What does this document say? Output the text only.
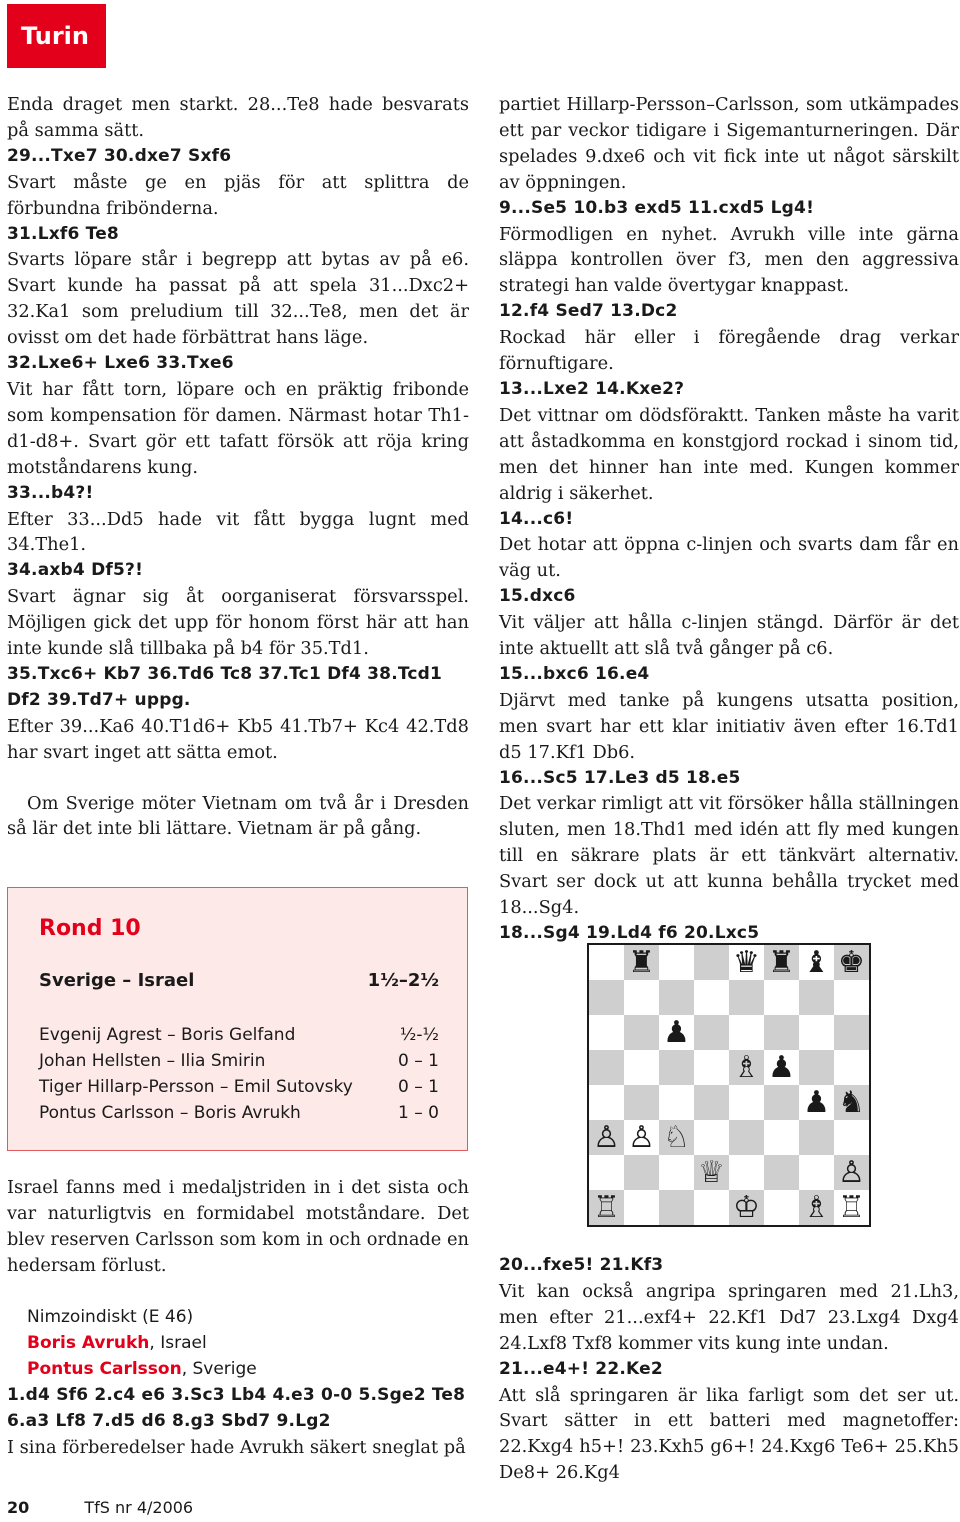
Turin

Enda draget men starkt. 28...Te8 hade besvarats på samma sätt.

29...Txe7 30.dxe7 Sxf6

Svart måste ge en pjäs för att splittra de förbundna fribönderna.

31.Lxf6 Te8

Svarts löpare står i begrepp att bytas av på e6. Svart kunde ha passat på att spela 31...Dxc2+ 32.Ka1 som preludium till 32...Te8, men det är ovisst om det hade förbättrat hans läge.

32.Lxe6+ Lxe6 33.Txe6

Vit har fått torn, löpare och en präktig fribonde som kompensation för damen. Närmast hotar Th1-d1-d8+. Svart gör ett tafatt försök att röja kring motståndarens kung.

33...b4?!

Efter 33...Dd5 hade vit fått bygga lugnt med 34.The1.

34.axb4 Df5?!

Svart ägnar sig åt oorganiserat försvarsspel. Möjligen gick det upp för honom först här att han inte kunde slå tillbaka på b4 för 35.Td1.

35.Txc6+ Kb7 36.Td6 Tc8 37.Tc1 Df4 38.Tcd1 Df2 39.Td7+ uppg.

Efter 39...Ka6 40.T1d6+ Kb5 41.Tb7+ Kc4 42.Td8 har svart inget att sätta emot.

Om Sverige möter Vietnam om två år i Dresden så lär det inte bli lättare. Vietnam är på gång.

Rond 10
Sverige – Israel	1½–2½
Evgenij Agrest – Boris Gelfand	½-½
Johan Hellsten – Ilia Smirin	0 – 1
Tiger Hillarp-Persson – Emil Sutovsky	0 – 1
Pontus Carlsson – Boris Avrukh	1 – 0

Israel fanns med i medaljstriden in i det sista och var naturligtvis en formidabel motståndare. Det blev reserven Carlsson som kom in och ordnade en hedersam förlust.

Nimzoindiskt (E 46)
Boris Avrukh, Israel
Pontus Carlsson, Sverige

1.d4 Sf6 2.c4 e6 3.Sc3 Lb4 4.e3 0-0 5.Sge2 Te8 6.a3 Lf8 7.d5 d6 8.g3 Sbd7 9.Lg2

I sina förberedelser hade Avrukh säkert sneglat på

partiet Hillarp-Persson–Carlsson, som utkämpades ett par veckor tidigare i Sigemanturneringen. Där spelades 9.dxe6 och vit fick inte ut något särskilt av öppningen.

9...Se5 10.b3 exd5 11.cxd5 Lg4!

Förmodligen en nyhet. Avrukh ville inte gärna släppa kontrollen över f3, men den aggressiva strategi han valde övertygar knappast.

12.f4 Sed7 13.Dc2

Rockad här eller i föregående drag verkar förnuftigare.

13...Lxe2 14.Kxe2?

Det vittnar om dödsföraktt. Tanken måste ha varit att åstadkomma en konstgjord rockad i sinom tid, men det hinner han inte med. Kungen kommer aldrig i säkerhet.

14...c6!

Det hotar att öppna c-linjen och svarts dam får en väg ut.

15.dxc6

Vit väljer att hålla c-linjen stängd. Därför är det inte aktuellt att slå två gånger på c6.

15...bxc6 16.e4

Djärvt med tanke på kungens utsatta position, men svart har ett klar initiativ även efter 16.Td1 d5 17.Kf1 Db6.

16...Sc5 17.Le3 d5 18.e5

Det verkar rimligt att vit försöker hålla ställningen sluten, men 18.Thd1 med idén att fly med kungen till en säkrare plats är ett tänkvärt alternativ. Svart ser dock ut att kunna behålla trycket med 18...Sg4.

18...Sg4 19.Ld4 f6 20.Lxc5

♜	♛ ♜ ♝ ♚
♟
♗ ♟
♟ ♞
♙ ♙ ♘
♕	♙
♖	♔ ♗ ♖

20...fxe5! 21.Kf3

Vit kan också angripa springaren med 21.Lh3, men efter 21...exf4+ 22.Kf1 Dd7 23.Lxg4 Dxg4 24.Lxf8 Txf8 kommer vits kung inte undan.

21...e4+! 22.Ke2

Att slå springaren är lika farligt som det ser ut. Svart sätter in ett batteri med magnetoffer: 22.Kxg4 h5+! 23.Kxh5 g6+! 24.Kxg6 Te6+ 25.Kh5 De8+ 26.Kg4

20	TfS nr 4/2006
